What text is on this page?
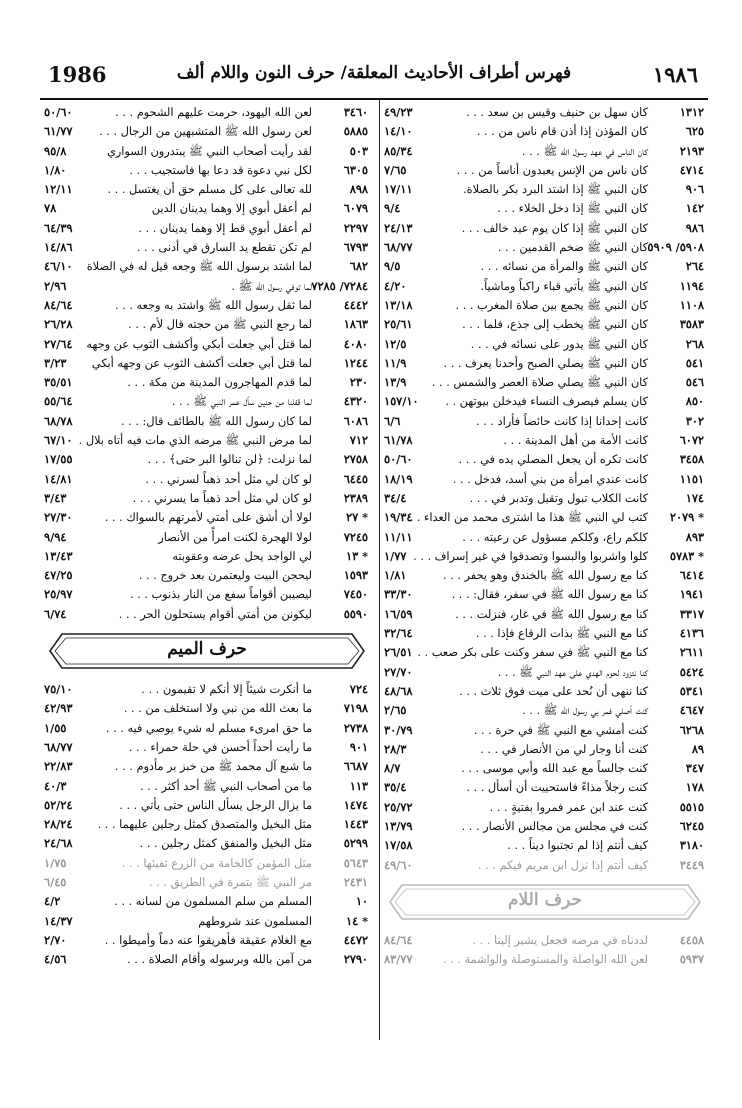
1986	فهرس أطراف الأحاديث المعلقة/ حرف النون واللام ألف	١٩٨٦
١٣١٢
كان سهل بن حنيف وقيس بن سعد . . .
٤٩/٢٣
٦٢٥
كان المؤذن إذا أذن قام ناس من . . .
١٤/١٠
٢١٩٣
كان الناس في عهد رسول الله ﷺ . . .
٨٥/٣٤
٤٧١٤
كان ناس من الإنس يعبدون أناساً من . . .
٧/٦٥
٩٠٦
كان النبي ﷺ إذا اشتد البرد بكر بالصلاة.
١٧/١١
١٤٢
كان النبي ﷺ إذا دخل الخلاء . . .
٩/٤
٩٨٦
كان النبي ﷺ إذا كان يوم عيد خالف . . .
٢٤/١٣
٥٩٠٨/ ٥٩٠٩
كان النبي ﷺ ضخم القدمين . . .
٦٨/٧٧
٢٦٤
كان النبي ﷺ والمرأة من نسائه . . .
٩/٥
١١٩٤
كان النبي ﷺ يأتي قباء راكباً وماشياً.
٤/٢٠
١١٠٨
كان النبي ﷺ يجمع بين صلاة المغرب . . .
١٣/١٨
٣٥٨٣
كان النبي ﷺ يخطب إلى جذع، فلما . . .
٢٥/٦١
٢٦٨
كان النبي ﷺ يدور على نسائه في . . .
١٢/٥
٥٤١
كان النبي ﷺ يصلي الصبح وأحدنا يعرف . . .
١١/٩
٥٤٦
كان النبي ﷺ يصلي صلاة العصر والشمس . . .
١٣/٩
٨٥٠
كان يسلم فيصرف النساء فيدخلن بيوتهن . .
١٥٧/١٠
٣٠٢
كانت إحدانا إذا كانت حائضاً فأراد . . .
٦/٦
٦٠٧٢
كانت الأمة من أهل المدينة . . .
٦١/٧٨
٣٤٥٨
كانت تكره أن يجعل المصلي يده في . . .
٥٠/٦٠
١١٥١
كانت عندي امرأة من بني أسد، فدخل . . .
١٨/١٩
١٧٤
كانت الكلاب تبول وتقبل وتدبر في . . .
٣٤/٤
* ٢٠٧٩
كتب لي النبي ﷺ هذا ما اشترى محمد من العداء . .
١٩/٣٤
٨٩٣
كلكم راع، وكلكم مسؤول عن رعيته . . .
١١/١١
* ٥٧٨٣
كلوا واشربوا والبسوا وتصدقوا في غير إسراف . . .
١/٧٧
٦٤١٤
كنا مع رسول الله ﷺ بالخندق وهو يحفر . . .
١/٨١
١٩٤١
كنا مع رسول الله ﷺ في سفر، فقال: . . .
٣٣/٣٠
٣٣١٧
كنا مع رسول الله ﷺ في غار، فنزلت . . .
١٦/٥٩
٤١٣٦
كنا مع النبي ﷺ بذات الرقاع فإذا . . .
٣٢/٦٤
٢٦١١
كنا مع النبي ﷺ في سفر وكنت على بكر صعب . .
٢٦/٥١
٥٤٢٤
كنا نتزود لحوم الهدي على عهد النبي ﷺ . . .
٢٧/٧٠
٥٣٤١
كنا ننهى أن نُحد على ميت فوق ثلاث . . .
٤٨/٦٨
٤٦٤٧
كنت أصلي فمر بي رسول الله ﷺ . . .
٢/٦٥
٦٢٦٨
كنت أمشي مع النبي ﷺ في حرة . . .
٣٠/٧٩
٨٩
كنت أنا وجار لي من الأنصار في . . .
٢٨/٣
٣٤٧
كنت جالساً مع عبد الله وأبي موسى . . .
٨/٧
١٧٨
كنت رجلاً مذاءً فاستحييت أن أسأل . . .
٣٥/٤
٥٥١٥
كنت عند ابن عمر فمروا بفتيةٍ . . .
٢٥/٧٢
٦٢٤٥
كنت في مجلس من مجالس الأنصار . . .
١٣/٧٩
٣١٨٠
كيف أنتم إذا لم تجتبوا ديناً . . .
١٧/٥٨
٣٤٤٩
كيف أنتم إذا نزل ابن مريم فيكم . . .
٤٩/٦٠
حرف اللام
٤٤٥٨
لددناه في مرضه فجعل يشير إلينا . . .
٨٤/٦٤
٥٩٣٧
لعن الله الواصلة والمستوصلة والواشمة . . .
٨٣/٧٧
٣٤٦٠
لعن الله اليهود، حرمت عليهم الشحوم . . .
٥٠/٦٠
٥٨٨٥
لعن رسول الله ﷺ المتشبهين من الرجال . . .
٦١/٧٧
٥٠٣
لقد رأيت أصحاب النبي ﷺ يبتدرون السواري
٩٥/٨
٦٣٠٥
لكل نبي دعوة قد دعا بها فاستجيب . . .
١/٨٠
٨٩٨
لله تعالى على كل مسلم حق أن يغتسل . . .
١٢/١١
٦٠٧٩
لم أعقل أبوي إلا وهما يدينان الدين
٧٨
٢٢٩٧
لم أعقل أبوي قط إلا وهما يدينان . . .
٦٤/٣٩
٦٧٩٣
لم تكن تقطع يد السارق في أدنى . . .
١٤/٨٦
٦٨٢
لما اشتد برسول الله ﷺ وجعه قيل له في الصلاة
٤٦/١٠
٧٢٨٤/ ٧٢٨٥
لما توفي رسول الله ﷺ .
٢/٩٦
٤٤٤٢
لما ثقل رسول الله ﷺ واشتد به وجعه . . .
٨٤/٦٤
١٨٦٣
لما رجع النبي ﷺ من حجته قال لأم . . .
٢٦/٢٨
٤٠٨٠
لما قتل أبي جعلت أبكي وأكشف الثوب عن وجهه
٢٧/٦٤
١٢٤٤
لما قتل أبي جعلت أكشف الثوب عن وجهه أبكي
٣/٢٣
٢٣٠
لما قدم المهاجرون المدينة من مكة . . .
٣٥/٥١
٤٣٢٠
لما قفلنا من حنين سأل عمر النبي ﷺ . . .
٥٥/٦٤
٦٠٨٦
لما كان رسول الله ﷺ بالطائف قال: . . .
٦٨/٧٨
٧١٢
لما مرض النبي ﷺ مرضه الذي مات فيه أتاه بلال .
٦٧/١٠
٢٧٥٨
لما نزلت: ﴿لن تنالوا البر حتى﴾ . . .
١٧/٥٥
٦٤٤٥
لو كان لي مثل أحد ذهباً لسرني . . .
١٤/٨١
٢٣٨٩
لو كان لي مثل أحد ذهباً ما يسرني . . .
٣/٤٣
* ٢٧
لولا أن أشق على أمتي لأمرتهم بالسواك . . .
٢٧/٣٠
٧٢٤٥
لولا الهجرة لكنت امرأً من الأنصار
٩/٩٤
* ١٣
لي الواجد يحل عرضه وعقوبته
١٣/٤٣
١٥٩٣
ليحجن البيت وليعتمرن بعد خروج . . .
٤٧/٢٥
٧٤٥٠
ليصيبن أقواماً سفع من النار بذنوب . . .
٢٥/٩٧
٥٥٩٠
ليكونن من أمتي أقوام يستحلون الحر . . .
٦/٧٤
حرف الميم
٧٢٤
ما أنكرت شيئاً إلا أنكم لا تقيمون . . .
٧٥/١٠
٧١٩٨
ما بعث الله من نبي ولا استخلف من . . .
٤٢/٩٣
٢٧٣٨
ما حق امرىء مسلم له شيء يوصي فيه . . .
١/٥٥
٩٠١
ما رأيت أحداً أحسن في حلة حمراء . . .
٦٨/٧٧
٦٦٨٧
ما شبع آل محمد ﷺ من خبز بر مأدوم . . .
٢٢/٨٣
١١٣
ما من أصحاب النبي ﷺ أحد أكثر . . .
٤٠/٣
١٤٧٤
ما يزال الرجل يسأل الناس حتى يأتي . . .
٥٢/٢٤
١٤٤٣
مثل البخيل والمتصدق كمثل رجلين عليهما . . .
٢٨/٢٤
٥٢٩٩
مثل البخيل والمنفق كمثل رجلين . . .
٢٤/٦٨
٥٦٤٣
مثل المؤمن كالخامة من الزرع تفيئها . . .
١/٧٥
٢٤٣١
مر النبي ﷺ بتمرة في الطريق . . .
٦/٤٥
١٠
المسلم من سلم المسلمون من لسانه . . .
٤/٢
* ١٤
المسلمون عند شروطهم
١٤/٣٧
٤٤٧٢
مع الغلام عقيقة فأهريقوا عنه دماً وأميطوا . .
٢/٧٠
٢٧٩٠
من آمن بالله وبرسوله وأقام الصلاة . . .
٤/٥٦
